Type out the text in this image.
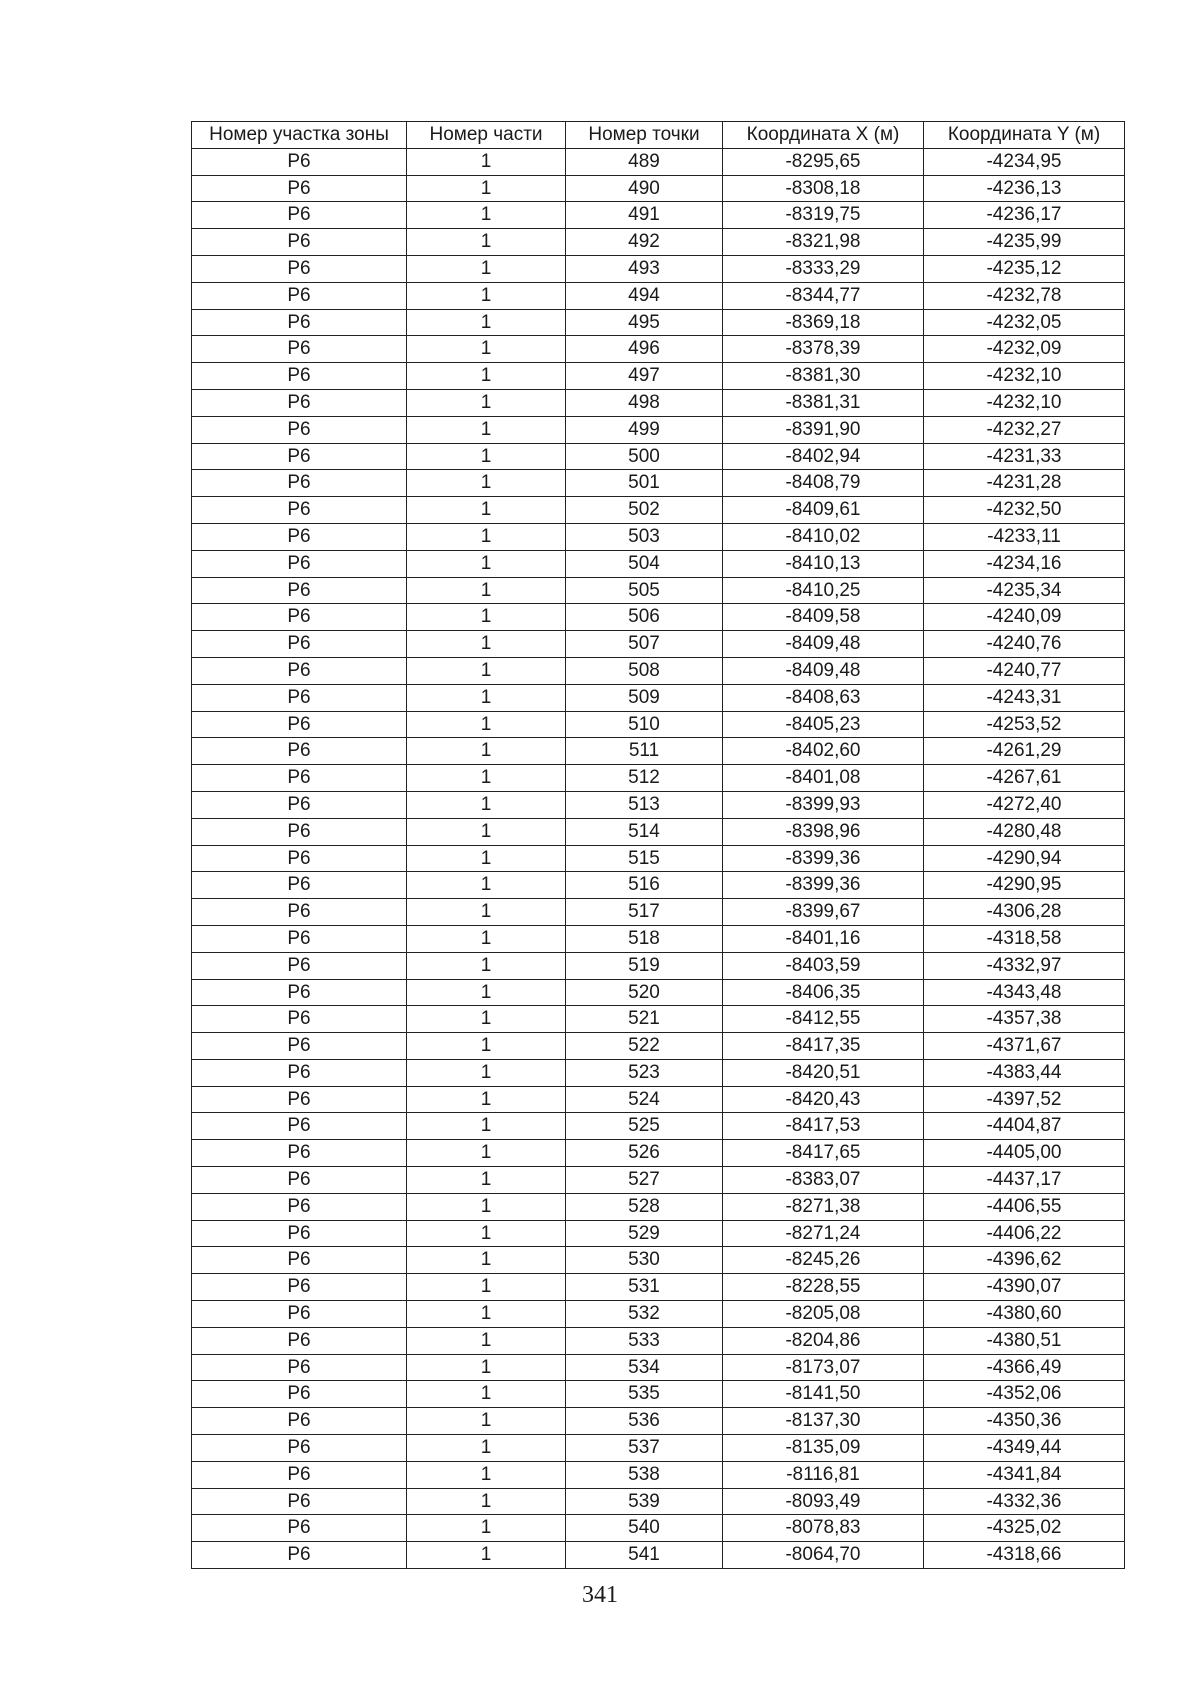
Номер участка зоны	Номер части	Номер точки	Координата X (м)	Координата Y (м)
Р6	1	489	-8295,65	-4234,95
Р6	1	490	-8308,18	-4236,13
Р6	1	491	-8319,75	-4236,17
Р6	1	492	-8321,98	-4235,99
Р6	1	493	-8333,29	-4235,12
Р6	1	494	-8344,77	-4232,78
Р6	1	495	-8369,18	-4232,05
Р6	1	496	-8378,39	-4232,09
Р6	1	497	-8381,30	-4232,10
Р6	1	498	-8381,31	-4232,10
Р6	1	499	-8391,90	-4232,27
Р6	1	500	-8402,94	-4231,33
Р6	1	501	-8408,79	-4231,28
Р6	1	502	-8409,61	-4232,50
Р6	1	503	-8410,02	-4233,11
Р6	1	504	-8410,13	-4234,16
Р6	1	505	-8410,25	-4235,34
Р6	1	506	-8409,58	-4240,09
Р6	1	507	-8409,48	-4240,76
Р6	1	508	-8409,48	-4240,77
Р6	1	509	-8408,63	-4243,31
Р6	1	510	-8405,23	-4253,52
Р6	1	511	-8402,60	-4261,29
Р6	1	512	-8401,08	-4267,61
Р6	1	513	-8399,93	-4272,40
Р6	1	514	-8398,96	-4280,48
Р6	1	515	-8399,36	-4290,94
Р6	1	516	-8399,36	-4290,95
Р6	1	517	-8399,67	-4306,28
Р6	1	518	-8401,16	-4318,58
Р6	1	519	-8403,59	-4332,97
Р6	1	520	-8406,35	-4343,48
Р6	1	521	-8412,55	-4357,38
Р6	1	522	-8417,35	-4371,67
Р6	1	523	-8420,51	-4383,44
Р6	1	524	-8420,43	-4397,52
Р6	1	525	-8417,53	-4404,87
Р6	1	526	-8417,65	-4405,00
Р6	1	527	-8383,07	-4437,17
Р6	1	528	-8271,38	-4406,55
Р6	1	529	-8271,24	-4406,22
Р6	1	530	-8245,26	-4396,62
Р6	1	531	-8228,55	-4390,07
Р6	1	532	-8205,08	-4380,60
Р6	1	533	-8204,86	-4380,51
Р6	1	534	-8173,07	-4366,49
Р6	1	535	-8141,50	-4352,06
Р6	1	536	-8137,30	-4350,36
Р6	1	537	-8135,09	-4349,44
Р6	1	538	-8116,81	-4341,84
Р6	1	539	-8093,49	-4332,36
Р6	1	540	-8078,83	-4325,02
Р6	1	541	-8064,70	-4318,66
341
